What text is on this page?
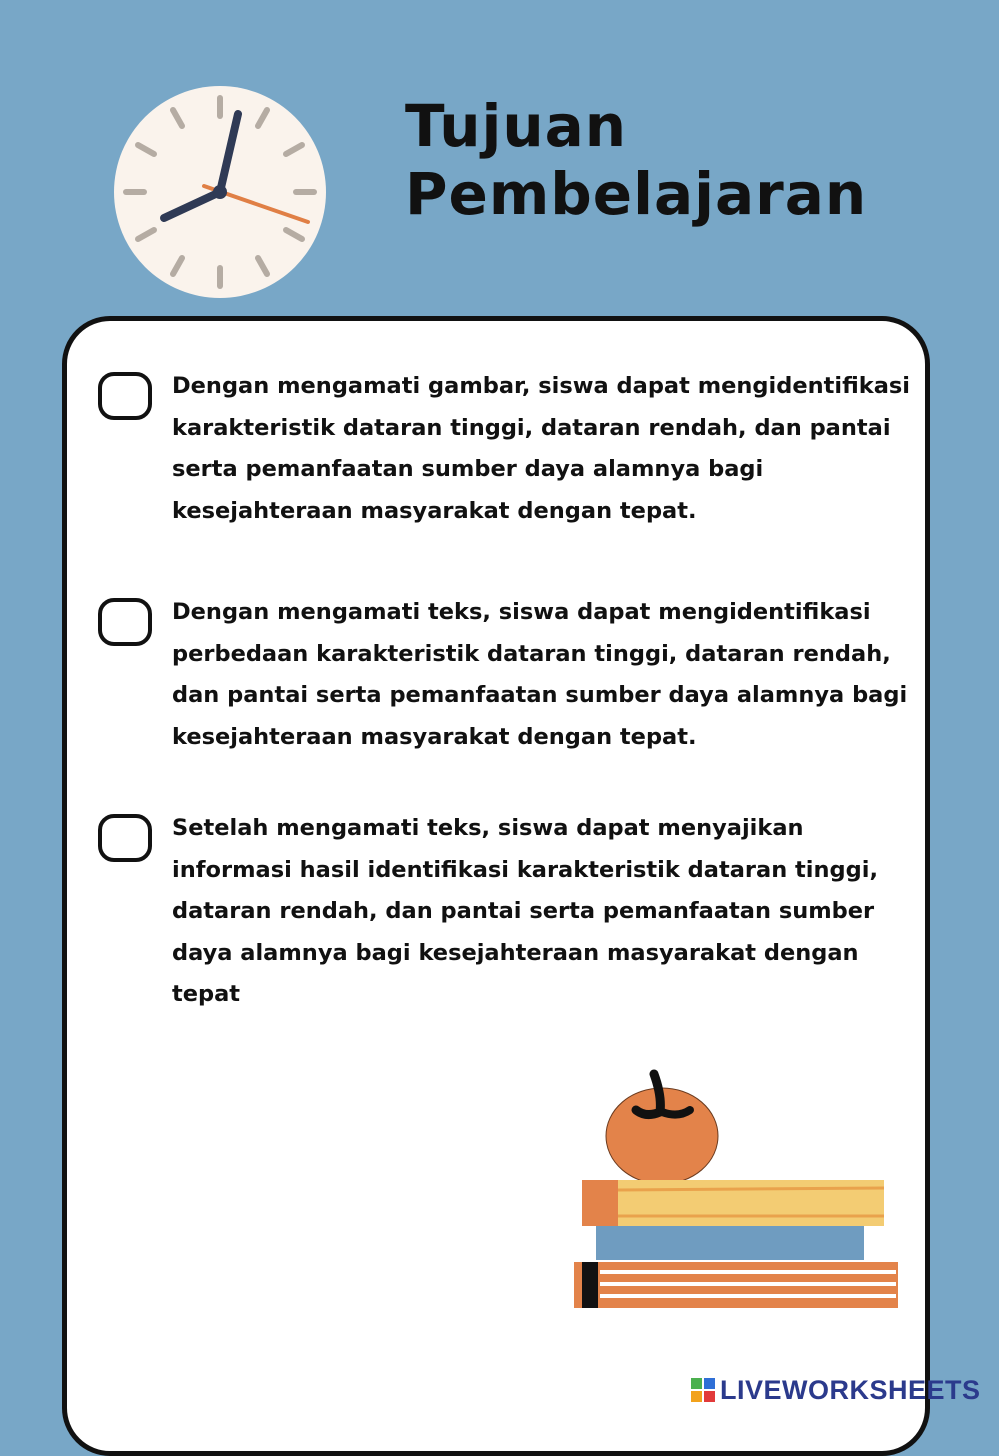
Tujuan
Pembelajaran
Dengan mengamati gambar, siswa dapat mengidentifikasi karakteristik dataran tinggi, dataran rendah, dan pantai serta pemanfaatan sumber daya alamnya bagi kesejahteraan masyarakat dengan tepat.
Dengan mengamati teks, siswa dapat mengidentifikasi perbedaan karakteristik dataran tinggi, dataran rendah, dan pantai serta pemanfaatan sumber daya alamnya bagi kesejahteraan masyarakat dengan tepat.
Setelah mengamati teks, siswa dapat menyajikan informasi hasil identifikasi karakteristik dataran tinggi, dataran rendah, dan pantai serta pemanfaatan sumber daya alamnya bagi kesejahteraan masyarakat dengan tepat
LIVEWORKSHEETS
